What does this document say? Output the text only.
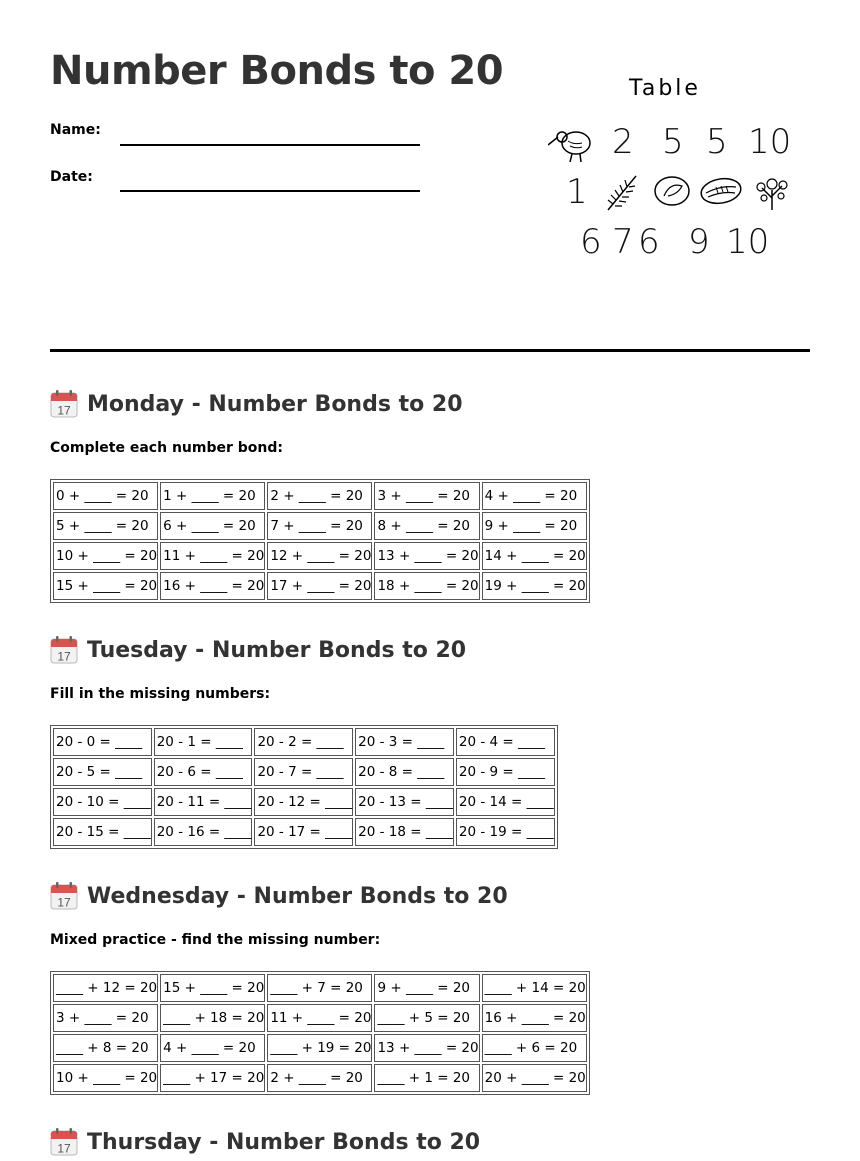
Number Bonds to 20
Name:
Date:
Table
2 5 5 10
1
6 7 6 9 10
17 Monday - Number Bonds to 20
Complete each number bond:
0 + ____ = 20	1 + ____ = 20	2 + ____ = 20	3 + ____ = 20	4 + ____ = 20
5 + ____ = 20	6 + ____ = 20	7 + ____ = 20	8 + ____ = 20	9 + ____ = 20
10 + ____ = 20	11 + ____ = 20	12 + ____ = 20	13 + ____ = 20	14 + ____ = 20
15 + ____ = 20	16 + ____ = 20	17 + ____ = 20	18 + ____ = 20	19 + ____ = 20
17 Tuesday - Number Bonds to 20
Fill in the missing numbers:
20 - 0 = ____	20 - 1 = ____	20 - 2 = ____	20 - 3 = ____	20 - 4 = ____
20 - 5 = ____	20 - 6 = ____	20 - 7 = ____	20 - 8 = ____	20 - 9 = ____
20 - 10 = ____	20 - 11 = ____	20 - 12 = ____	20 - 13 = ____	20 - 14 = ____
20 - 15 = ____	20 - 16 = ____	20 - 17 = ____	20 - 18 = ____	20 - 19 = ____
17 Wednesday - Number Bonds to 20
Mixed practice - find the missing number:
____ + 12 = 20	15 + ____ = 20	____ + 7 = 20	9 + ____ = 20	____ + 14 = 20
3 + ____ = 20	____ + 18 = 20	11 + ____ = 20	____ + 5 = 20	16 + ____ = 20
____ + 8 = 20	4 + ____ = 20	____ + 19 = 20	13 + ____ = 20	____ + 6 = 20
10 + ____ = 20	____ + 17 = 20	2 + ____ = 20	____ + 1 = 20	20 + ____ = 20
17 Thursday - Number Bonds to 20
